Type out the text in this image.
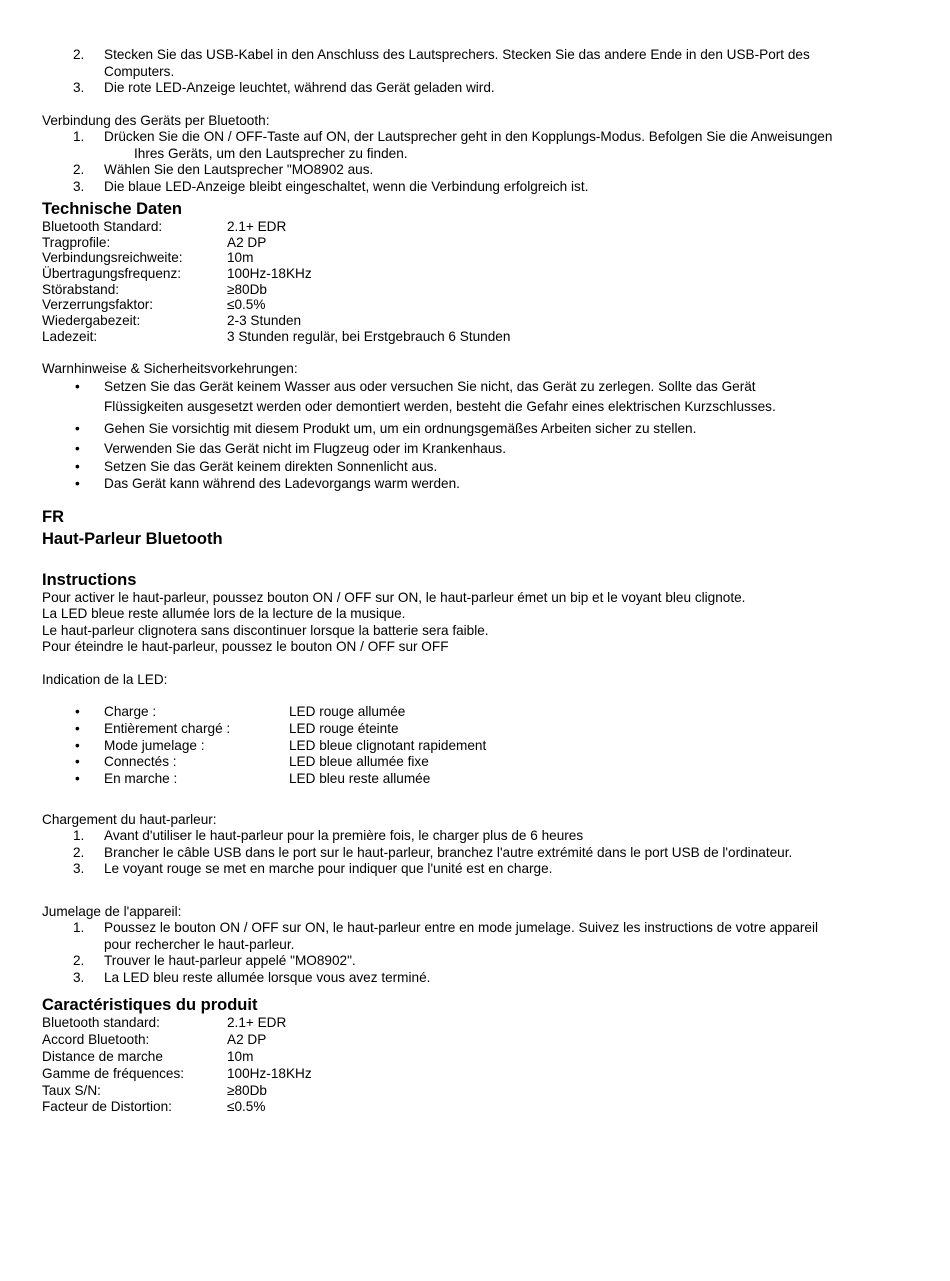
2. Stecken Sie das USB-Kabel in den Anschluss des Lautsprechers. Stecken Sie das andere Ende in den USB-Port des
Computers.
3. Die rote LED-Anzeige leuchtet, während das Gerät geladen wird.
Verbindung des Geräts per Bluetooth:
1. Drücken Sie die ON / OFF-Taste auf ON, der Lautsprecher geht in den Kopplungs-Modus. Befolgen Sie die Anweisungen
Ihres Geräts, um den Lautsprecher zu finden.
2. Wählen Sie den Lautsprecher "MO8902 aus.
3. Die blaue LED-Anzeige bleibt eingeschaltet, wenn die Verbindung erfolgreich ist.
Technische Daten
Bluetooth Standard:	2.1+ EDR
Tragprofile:	A2 DP
Verbindungsreichweite:	10m
Übertragungsfrequenz:	100Hz-18KHz
Störabstand:	≥80Db
Verzerrungsfaktor:	≤0.5%
Wiedergabezeit:	2-3 Stunden
Ladezeit:	3 Stunden regulär, bei Erstgebrauch 6 Stunden
Warnhinweise & Sicherheitsvorkehrungen:
• Setzen Sie das Gerät keinem Wasser aus oder versuchen Sie nicht, das Gerät zu zerlegen. Sollte das Gerät
Flüssigkeiten ausgesetzt werden oder demontiert werden, besteht die Gefahr eines elektrischen Kurzschlusses.
• Gehen Sie vorsichtig mit diesem Produkt um, um ein ordnungsgemäßes Arbeiten sicher zu stellen.
• Verwenden Sie das Gerät nicht im Flugzeug oder im Krankenhaus.
• Setzen Sie das Gerät keinem direkten Sonnenlicht aus.
• Das Gerät kann während des Ladevorgangs warm werden.
FR
Haut-Parleur Bluetooth
Instructions
Pour activer le haut-parleur, poussez bouton ON / OFF sur ON, le haut-parleur émet un bip et le voyant bleu clignote.
La LED bleue reste allumée lors de la lecture de la musique.
Le haut-parleur clignotera sans discontinuer lorsque la batterie sera faible.
Pour éteindre le haut-parleur, poussez le bouton ON / OFF sur OFF
Indication de la LED:
• Charge :	LED rouge allumée
• Entièrement chargé :	LED rouge éteinte
• Mode jumelage :	LED bleue clignotant rapidement
• Connectés :	LED bleue allumée fixe
• En marche :	LED bleu reste allumée
Chargement du haut-parleur:
1. Avant d'utiliser le haut-parleur pour la première fois, le charger plus de 6 heures
2. Brancher le câble USB dans le port sur le haut-parleur, branchez l'autre extrémité dans le port USB de l'ordinateur.
3. Le voyant rouge se met en marche pour indiquer que l'unité est en charge.
Jumelage de l'appareil:
1. Poussez le bouton ON / OFF sur ON, le haut-parleur entre en mode jumelage. Suivez les instructions de votre appareil
pour rechercher le haut-parleur.
2. Trouver le haut-parleur appelé "MO8902".
3. La LED bleu reste allumée lorsque vous avez terminé.
Caractéristiques du produit
Bluetooth standard:	2.1+ EDR
Accord Bluetooth:	A2 DP
Distance de marche	10m
Gamme de fréquences:	100Hz-18KHz
Taux S/N:	≥80Db
Facteur de Distortion:	≤0.5%
